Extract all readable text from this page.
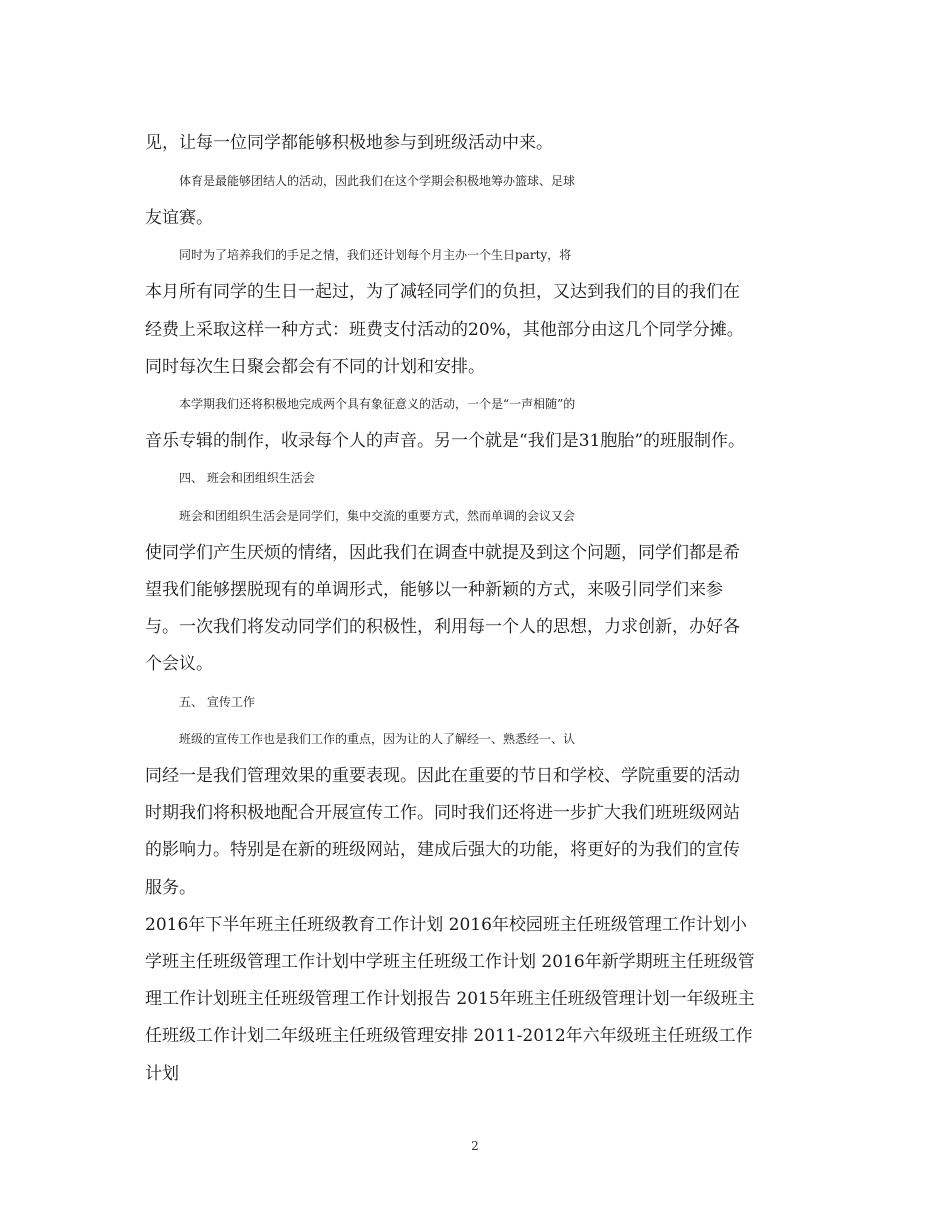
见，让每一位同学都能够积极地参与到班级活动中来。
体育是最能够团结人的活动，因此我们在这个学期会积极地筹办篮球、足球
友谊赛。
同时为了培养我们的手足之情，我们还计划每个月主办一个生日party，将
本月所有同学的生日一起过，为了减轻同学们的负担，又达到我们的目的我们在
经费上采取这样一种方式：班费支付活动的20%，其他部分由这几个同学分摊。
同时每次生日聚会都会有不同的计划和安排。
本学期我们还将积极地完成两个具有象征意义的活动，一个是“一声相随”的
音乐专辑的制作，收录每个人的声音。另一个就是“我们是31胞胎”的班服制作。
四、 班会和团组织生活会
班会和团组织生活会是同学们，集中交流的重要方式，然而单调的会议又会
使同学们产生厌烦的情绪，因此我们在调查中就提及到这个问题，同学们都是希
望我们能够摆脱现有的单调形式，能够以一种新颖的方式，来吸引同学们来参
与。一次我们将发动同学们的积极性，利用每一个人的思想，力求创新，办好各
个会议。
五、 宣传工作
班级的宣传工作也是我们工作的重点，因为让的人了解经一、熟悉经一、认
同经一是我们管理效果的重要表现。因此在重要的节日和学校、学院重要的活动
时期我们将积极地配合开展宣传工作。同时我们还将进一步扩大我们班班级网站
的影响力。特别是在新的班级网站，建成后强大的功能，将更好的为我们的宣传
服务。
2016年下半年班主任班级教育工作计划 2016年校园班主任班级管理工作计划小
学班主任班级管理工作计划中学班主任班级工作计划 2016年新学期班主任班级管
理工作计划班主任班级管理工作计划报告 2015年班主任班级管理计划一年级班主
任班级工作计划二年级班主任班级管理安排 2011-2012年六年级班主任班级工作
计划
2
